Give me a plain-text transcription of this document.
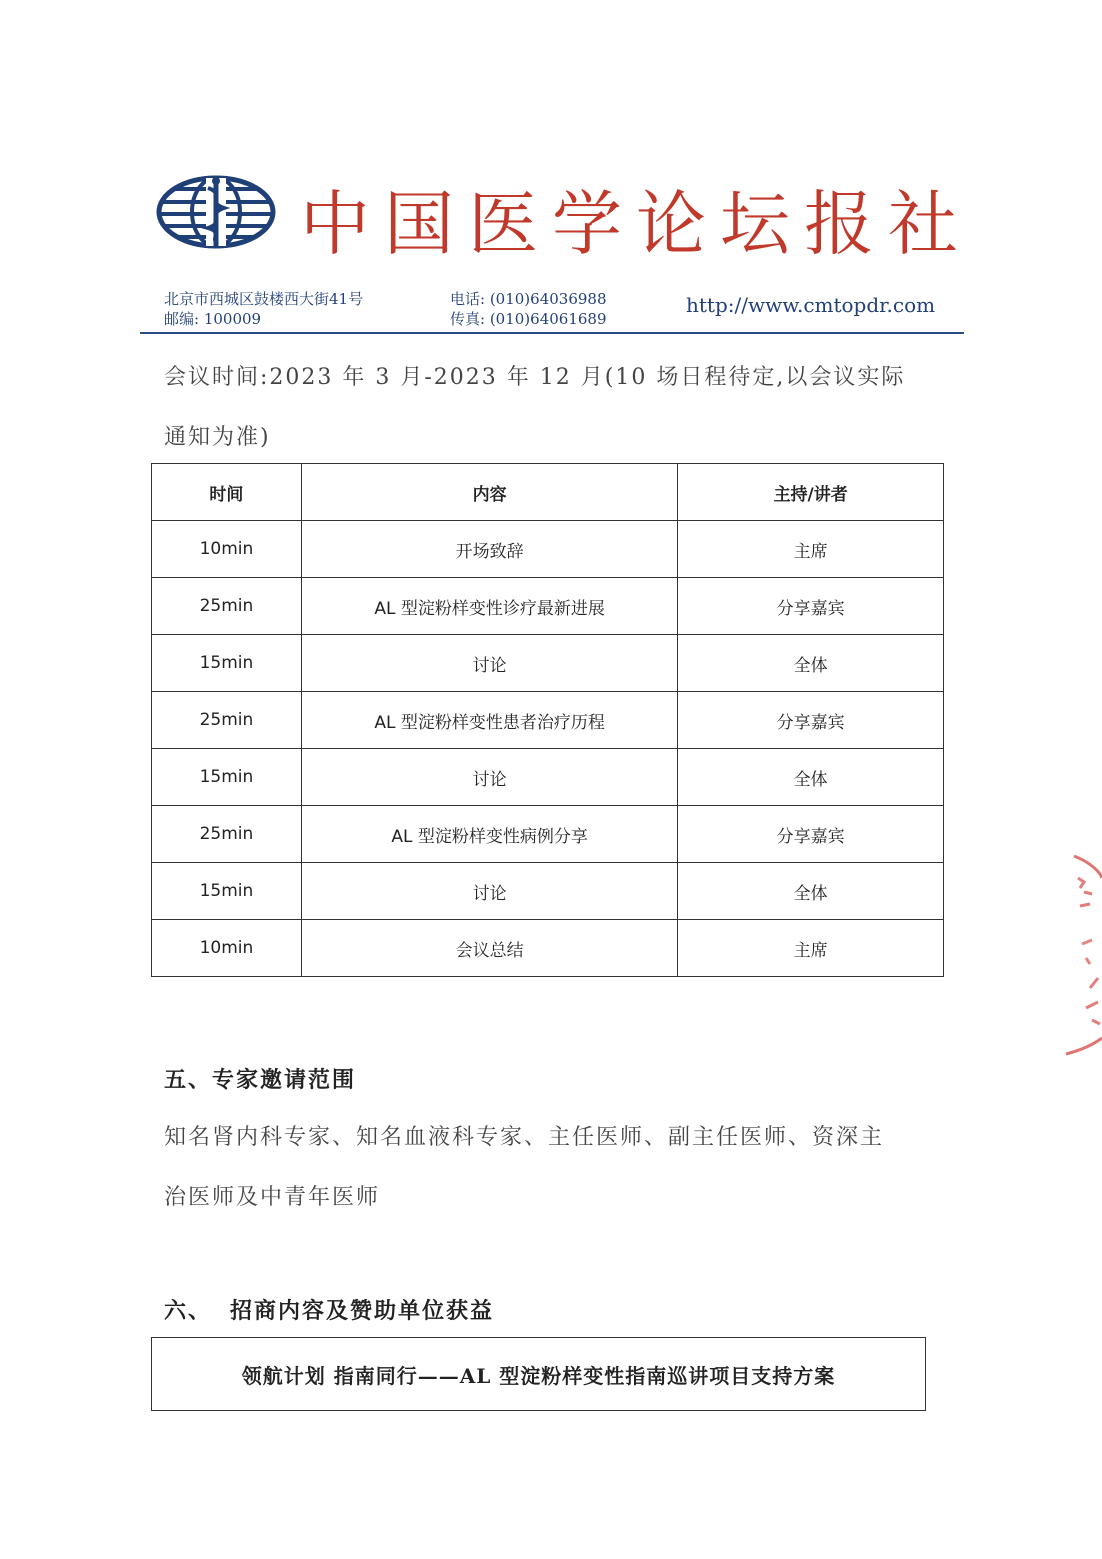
中国医学论坛报社
北京市西城区鼓楼西大街41号
邮编: 100009
电话: (010)64036988
传真: (010)64061689
http://www.cmtopdr.com
会议时间:2023 年 3 月-2023 年 12 月(10 场日程待定,以会议实际
通知为准)
时间	内容	主持/讲者
10min	开场致辞	主席
25min	AL 型淀粉样变性诊疗最新进展	分享嘉宾
15min	讨论	全体
25min	AL 型淀粉样变性患者治疗历程	分享嘉宾
15min	讨论	全体
25min	AL 型淀粉样变性病例分享	分享嘉宾
15min	讨论	全体
10min	会议总结	主席
五、专家邀请范围
知名肾内科专家、知名血液科专家、主任医师、副主任医师、资深主
治医师及中青年医师
六、 招商内容及赞助单位获益
领航计划 指南同行——AL 型淀粉样变性指南巡讲项目支持方案
